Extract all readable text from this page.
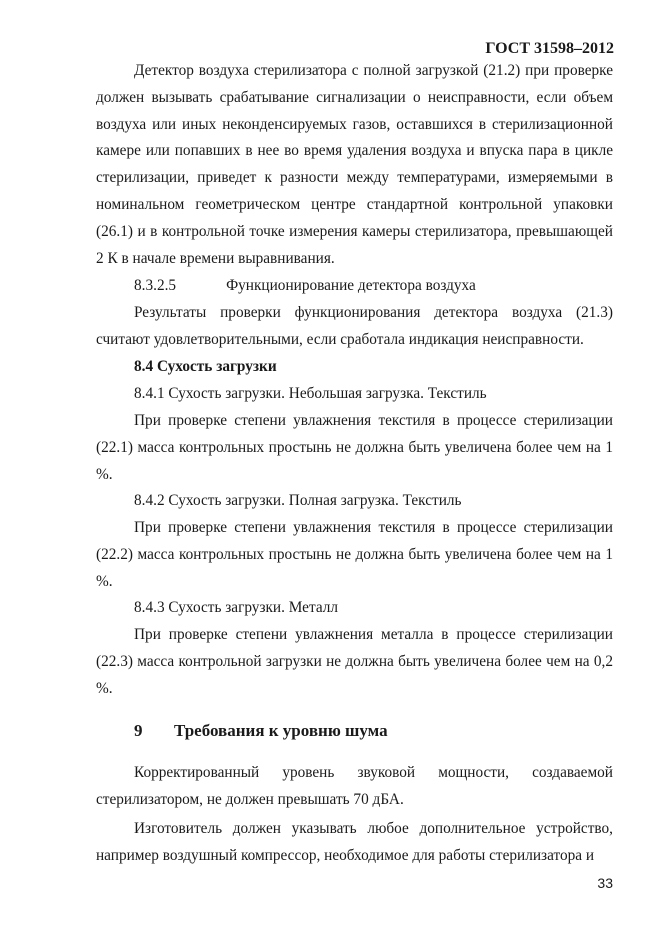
ГОСТ 31598–2012
Детектор воздуха стерилизатора с полной загрузкой (21.2) при проверке должен вызывать срабатывание сигнализации о неисправности, если объем воздуха или иных неконденсируемых газов, оставшихся в стерилизационной камере или попавших в нее во время удаления воздуха и впуска пара в цикле стерилизации, приведет к разности между температурами, измеряемыми в номинальном геометрическом центре стандартной контрольной упаковки (26.1) и в контрольной точке измерения камеры стерилизатора, превышающей 2 К в начале времени выравнивания.
8.3.2.5	Функционирование детектора воздуха
Результаты проверки функционирования детектора воздуха (21.3) считают удовлетворительными, если сработала индикация неисправности.
8.4 Сухость загрузки
8.4.1 Сухость загрузки. Небольшая загрузка. Текстиль
При проверке степени увлажнения текстиля в процессе стерилизации (22.1) масса контрольных простынь не должна быть увеличена более чем на 1 %.
8.4.2 Сухость загрузки. Полная загрузка. Текстиль
При проверке степени увлажнения текстиля в процессе стерилизации (22.2) масса контрольных простынь не должна быть увеличена более чем на 1 %.
8.4.3 Сухость загрузки. Металл
При проверке степени увлажнения металла в процессе стерилизации (22.3) масса контрольной загрузки не должна быть увеличена более чем на 0,2 %.
9 Требования к уровню шума
Корректированный уровень звуковой мощности, создаваемой стерилизатором, не должен превышать 70 дБА.
Изготовитель должен указывать любое дополнительное устройство, например воздушный компрессор, необходимое для работы стерилизатора и
33
